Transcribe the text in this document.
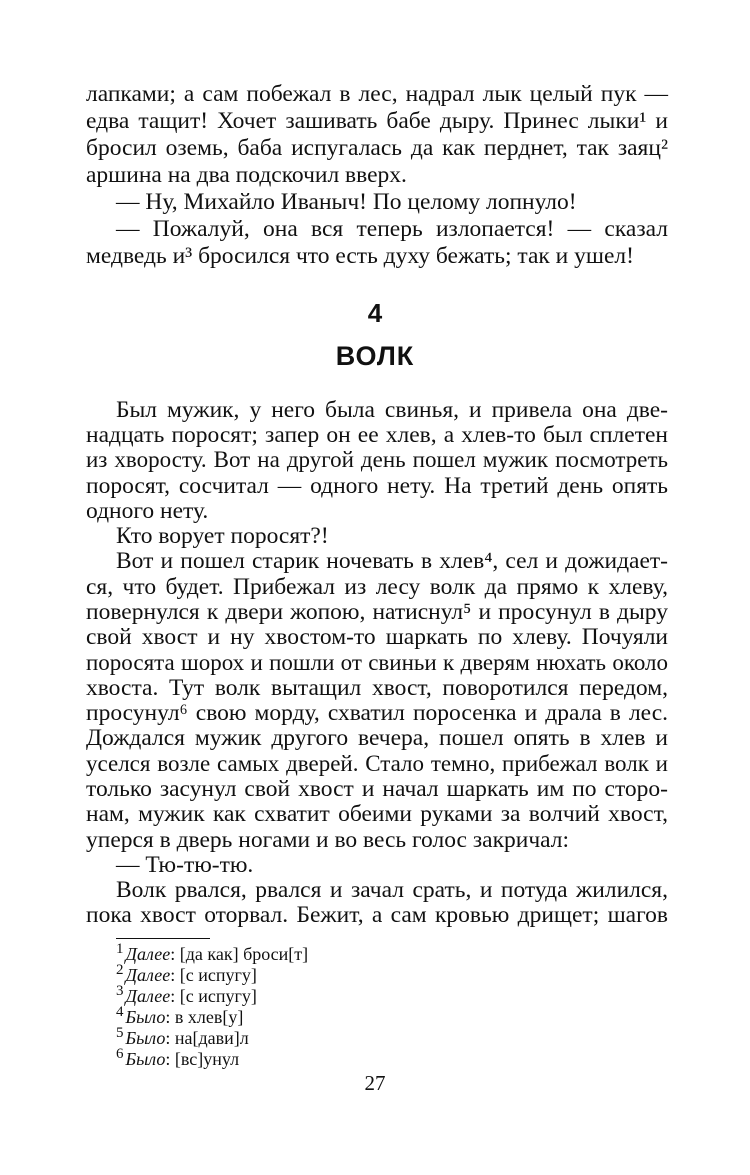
лапками; а сам побежал в лес, надрал лык целый пук —
едва тащит! Хочет зашивать бабе дыру. Принес лыки¹ и
бросил оземь, баба испугалась да как перднет, так заяц²
аршина на два подскочил вверх.
— Ну, Михайло Иваныч! По целому лопнуло!
— Пожалуй, она вся теперь излопается! — сказал
медведь и³ бросился что есть духу бежать; так и ушел!
4
ВОЛК
Был мужик, у него была свинья, и привела она две-
надцать поросят; запер он ее хлев, а хлев-то был сплетен
из хворосту. Вот на другой день пошел мужик посмотреть
поросят, сосчитал — одного нету. На третий день опять
одного нету.
Кто ворует поросят?!
Вот и пошел старик ночевать в хлев⁴, сел и дожидает-
ся, что будет. Прибежал из лесу волк да прямо к хлеву,
повернулся к двери жопою, натиснул⁵ и просунул в дыру
свой хвост и ну хвостом-то шаркать по хлеву. Почуяли
поросята шорох и пошли от свиньи к дверям нюхать около
хвоста. Тут волк вытащил хвост, поворотился передом,
просунул⁶ свою морду, схватил поросенка и драла в лес.
Дождался мужик другого вечера, пошел опять в хлев и
уселся возле самых дверей. Стало темно, прибежал волк и
только засунул свой хвост и начал шаркать им по сторо-
нам, мужик как схватит обеими руками за волчий хвост,
уперся в дверь ногами и во весь голос закричал:
— Тю-тю-тю.
Волк рвался, рвался и зачал срать, и потуда жилился,
пока хвост оторвал. Бежит, а сам кровью дрищет; шагов
$^1$ Далее: [да как] броси[т]
$^2$ Далее: [с испугу]
$^3$ Далее: [с испугу]
$^4$ Было: в хлев[у]
$^5$ Было: на[дави]л
$^6$ Было: [вс]унул
27
